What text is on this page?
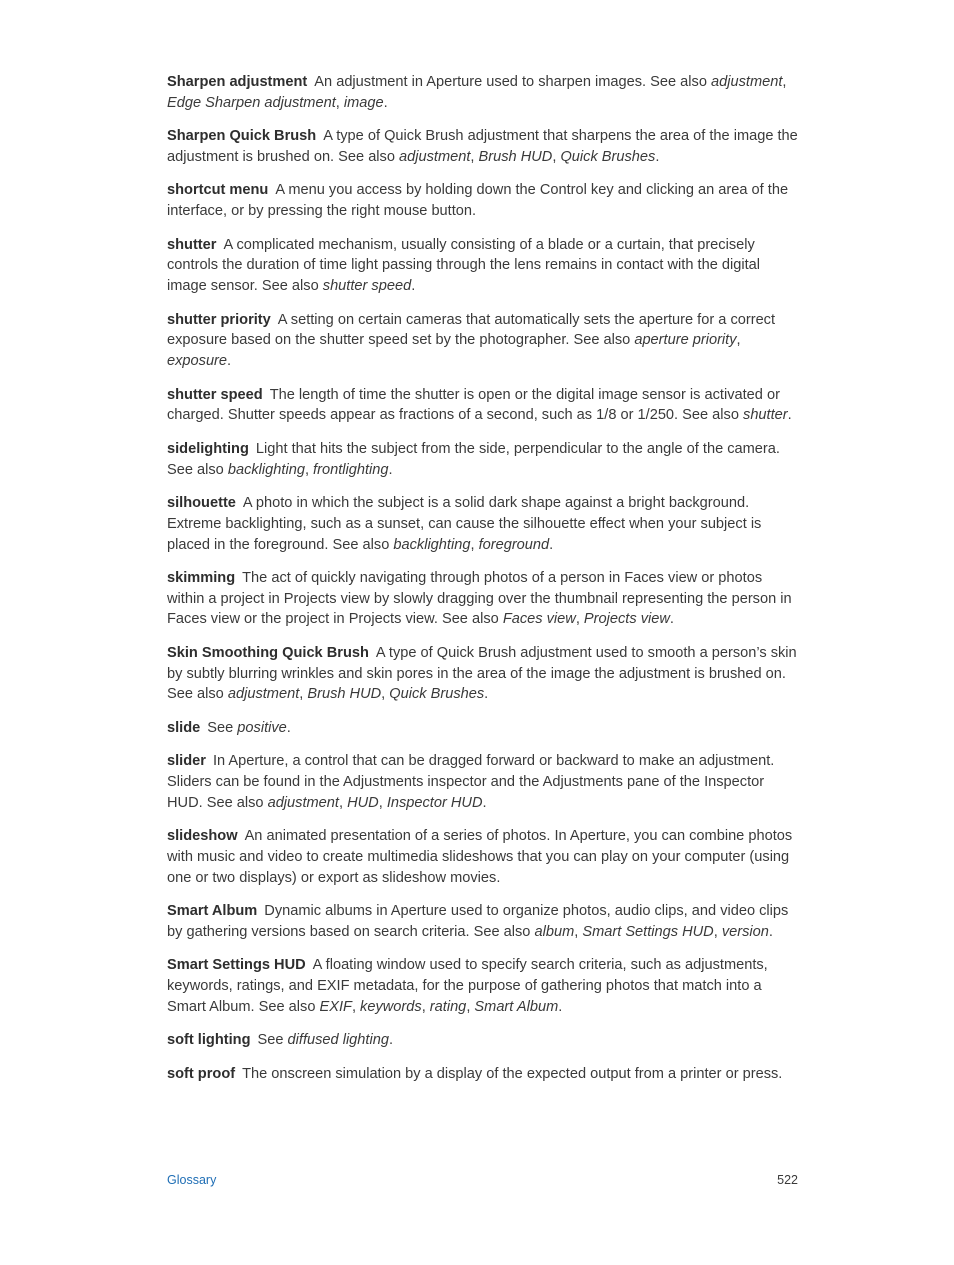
Sharpen adjustment An adjustment in Aperture used to sharpen images. See also adjustment, Edge Sharpen adjustment, image.

Sharpen Quick Brush A type of Quick Brush adjustment that sharpens the area of the image the adjustment is brushed on. See also adjustment, Brush HUD, Quick Brushes.

shortcut menu A menu you access by holding down the Control key and clicking an area of the interface, or by pressing the right mouse button.

shutter A complicated mechanism, usually consisting of a blade or a curtain, that precisely controls the duration of time light passing through the lens remains in contact with the digital image sensor. See also shutter speed.

shutter priority A setting on certain cameras that automatically sets the aperture for a correct exposure based on the shutter speed set by the photographer. See also aperture priority, exposure.

shutter speed The length of time the shutter is open or the digital image sensor is activated or charged. Shutter speeds appear as fractions of a second, such as 1/8 or 1/250. See also shutter.

sidelighting Light that hits the subject from the side, perpendicular to the angle of the camera. See also backlighting, frontlighting.

silhouette A photo in which the subject is a solid dark shape against a bright background. Extreme backlighting, such as a sunset, can cause the silhouette effect when your subject is placed in the foreground. See also backlighting, foreground.

skimming The act of quickly navigating through photos of a person in Faces view or photos within a project in Projects view by slowly dragging over the thumbnail representing the person in Faces view or the project in Projects view. See also Faces view, Projects view.

Skin Smoothing Quick Brush A type of Quick Brush adjustment used to smooth a person’s skin by subtly blurring wrinkles and skin pores in the area of the image the adjustment is brushed on. See also adjustment, Brush HUD, Quick Brushes.

slide See positive.

slider In Aperture, a control that can be dragged forward or backward to make an adjustment. Sliders can be found in the Adjustments inspector and the Adjustments pane of the Inspector HUD. See also adjustment, HUD, Inspector HUD.

slideshow An animated presentation of a series of photos. In Aperture, you can combine photos with music and video to create multimedia slideshows that you can play on your computer (using one or two displays) or export as slideshow movies.

Smart Album Dynamic albums in Aperture used to organize photos, audio clips, and video clips by gathering versions based on search criteria. See also album, Smart Settings HUD, version.

Smart Settings HUD A floating window used to specify search criteria, such as adjustments, keywords, ratings, and EXIF metadata, for the purpose of gathering photos that match into a Smart Album. See also EXIF, keywords, rating, Smart Album.

soft lighting See diffused lighting.

soft proof The onscreen simulation by a display of the expected output from a printer or press.

Glossary	522
